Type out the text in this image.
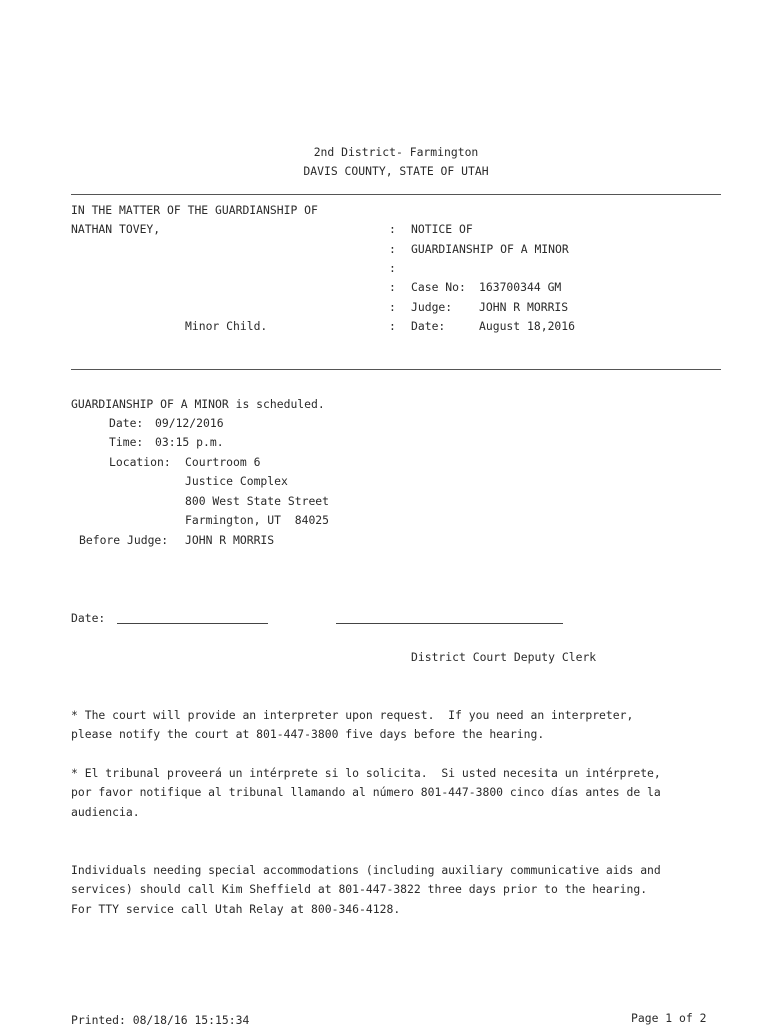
2nd District- Farmington
DAVIS COUNTY, STATE OF UTAH
IN THE MATTER OF THE GUARDIANSHIP OF
NATHAN TOVEY,
Minor Child.
:
:
:
:
:
:
NOTICE OF
GUARDIANSHIP OF A MINOR
Case No: 163700344 GM
Judge: JOHN R MORRIS
Date:	August 18,2016
GUARDIANSHIP OF A MINOR is scheduled.
Date: 09/12/2016
Time: 03:15 p.m.
Location: Courtroom 6
Justice Complex
800 West State Street
Farmington, UT  84025
Before Judge: JOHN R MORRIS
Date:
District Court Deputy Clerk
* The court will provide an interpreter upon request.  If you need an interpreter,
please notify the court at 801-447-3800 five days before the hearing.
* El tribunal proveerá un intérprete si lo solicita.  Si usted necesita un intérprete,
por favor notifique al tribunal llamando al número 801-447-3800 cinco días antes de la
audiencia.
Individuals needing special accommodations (including auxiliary communicative aids and
services) should call Kim Sheffield at 801-447-3822 three days prior to the hearing.
For TTY service call Utah Relay at 800-346-4128.
Printed: 08/18/16 15:15:34	Page 1 of 2
